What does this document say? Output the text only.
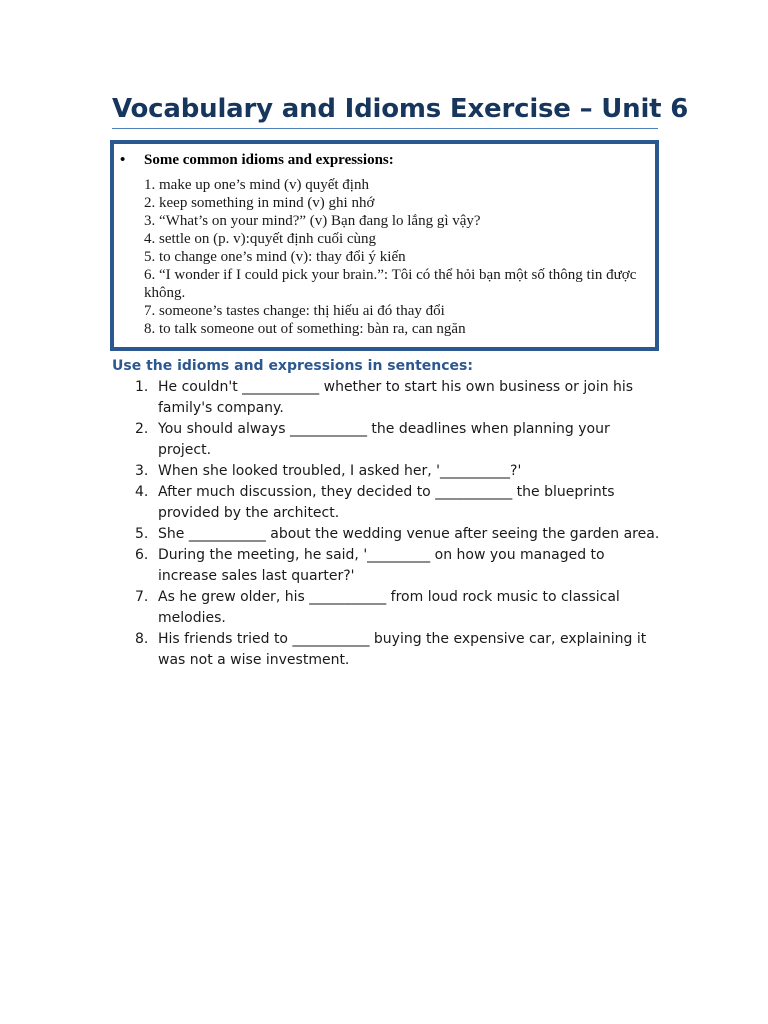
Vocabulary and Idioms Exercise – Unit 6
• Some common idioms and expressions:
1. make up one’s mind (v) quyết định
2. keep something in mind (v) ghi nhớ
3. “What’s on your mind?” (v) Bạn đang lo lắng gì vậy?
4. settle on (p. v):quyết định cuối cùng
5. to change one’s mind (v): thay đổi ý kiến
6. “I wonder if I could pick your brain.”: Tôi có thể hỏi bạn một số thông tin được không.
7. someone’s tastes change: thị hiếu ai đó thay đổi
8. to talk someone out of something: bàn ra, can ngăn
Use the idioms and expressions in sentences:
1. He couldn't ___________ whether to start his own business or join his family's company.
2. You should always ___________ the deadlines when planning your project.
3. When she looked troubled, I asked her, '__________?'
4. After much discussion, they decided to ___________ the blueprints provided by the architect.
5. She ___________ about the wedding venue after seeing the garden area.
6. During the meeting, he said, '_________ on how you managed to increase sales last quarter?'
7. As he grew older, his ___________ from loud rock music to classical melodies.
8. His friends tried to ___________ buying the expensive car, explaining it was not a wise investment.
